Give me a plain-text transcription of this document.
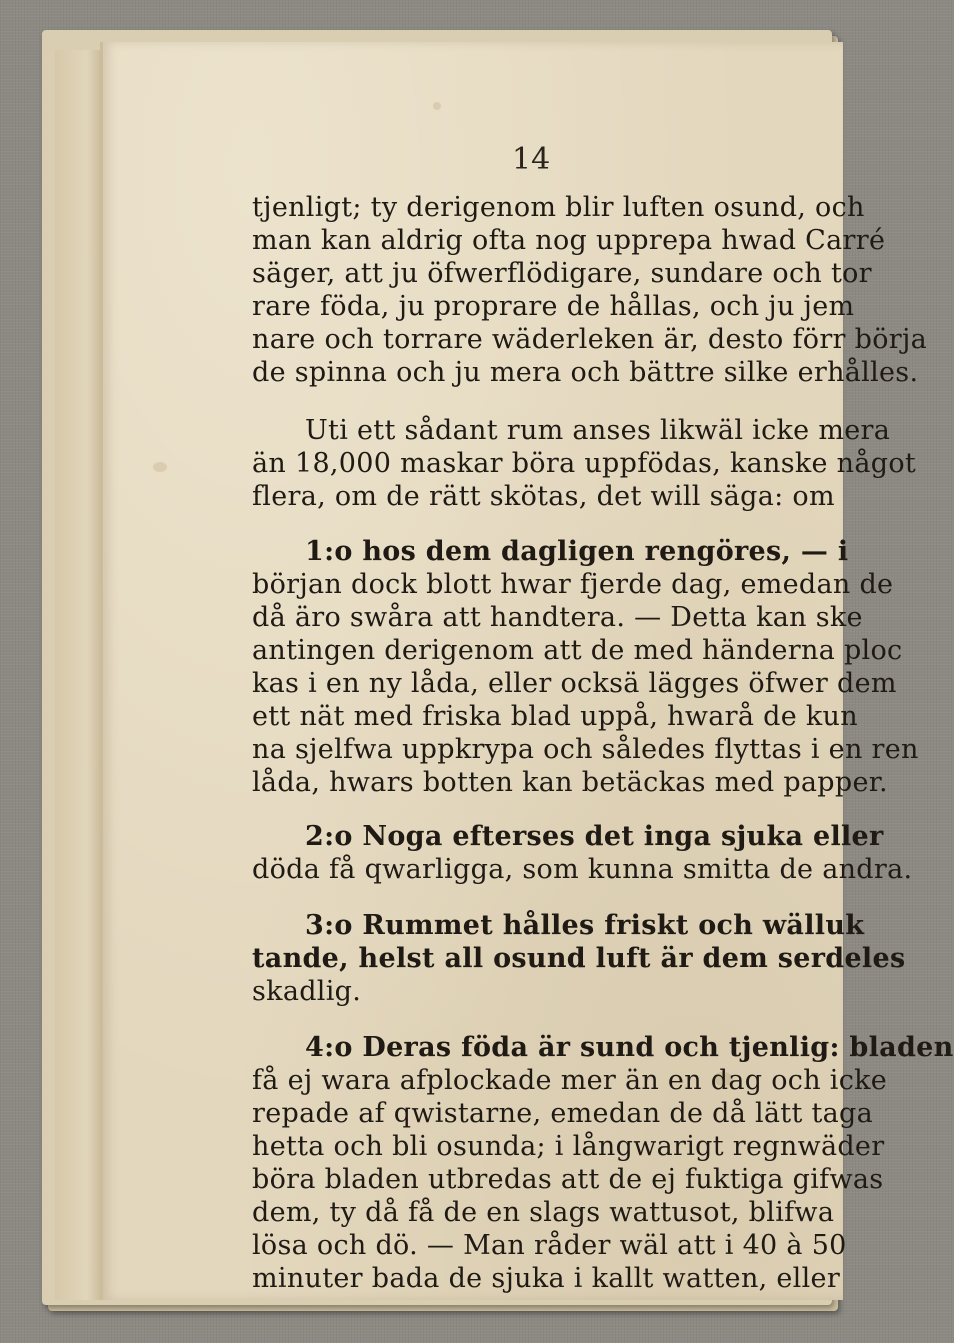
14
tjenligt; ty derigenom blir luften osund, och
man kan aldrig ofta nog upprepa hwad Carré
säger, att ju öfwerflödigare, sundare och tor
rare föda, ju proprare de hållas, och ju jem
nare och torrare wäderleken är, desto förr börja
de spinna och ju mera och bättre silke erhålles.
Uti ett sådant rum anses likwäl icke mera
än 18,000 maskar böra uppfödas, kanske något
flera, om de rätt skötas, det will säga: om
1:o hos dem dagligen rengöres, — i
början dock blott hwar fjerde dag, emedan de
då äro swåra att handtera. — Detta kan ske
antingen derigenom att de med händerna ploc
kas i en ny låda, eller ocksä lägges öfwer dem
ett nät med friska blad uppå, hwarå de kun
na sjelfwa uppkrypa och således flyttas i en ren
låda, hwars botten kan betäckas med papper.
2:o Noga efterses det inga sjuka eller
döda få qwarligga, som kunna smitta de andra.
3:o Rummet hålles friskt och wälluk
tande, helst all osund luft är dem serdeles
skadlig.
4:o Deras föda är sund och tjenlig: bladen
få ej wara afplockade mer än en dag och icke
repade af qwistarne, emedan de då lätt taga
hetta och bli osunda; i långwarigt regnwäder
böra bladen utbredas att de ej fuktiga gifwas
dem, ty då få de en slags wattusot, blifwa
lösa och dö. — Man råder wäl att i 40 à 50
minuter bada de sjuka i kallt watten, eller
